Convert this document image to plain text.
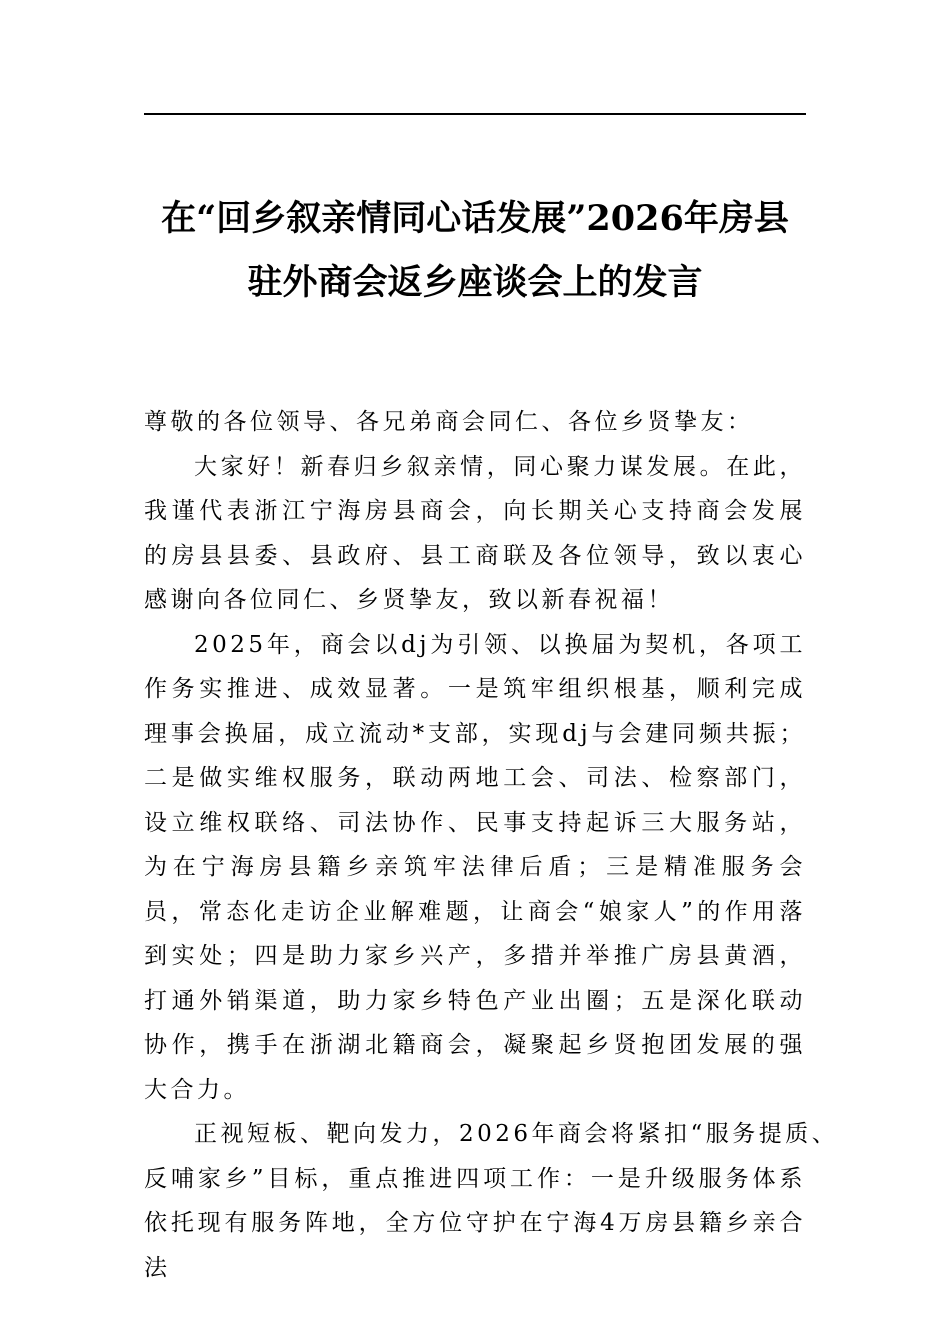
在“回乡叙亲情同心话发展”2026年房县
驻外商会返乡座谈会上的发言

尊敬的各位领导、各兄弟商会同仁、各位乡贤挚友：

大家好！新春归乡叙亲情，同心聚力谋发展。在此，我谨代表浙江宁海房县商会，向长期关心支持商会发展的房县县委、县政府、县工商联及各位领导，致以衷心感谢向各位同仁、乡贤挚友，致以新春祝福！

2025年，商会以dj为引领、以换届为契机，各项工作务实推进、成效显著。一是筑牢组织根基，顺利完成理事会换届，成立流动*支部，实现dj与会建同频共振；二是做实维权服务，联动两地工会、司法、检察部门，设立维权联络、司法协作、民事支持起诉三大服务站，为在宁海房县籍乡亲筑牢法律后盾；三是精准服务会员，常态化走访企业解难题，让商会“娘家人”的作用落到实处；四是助力家乡兴产，多措并举推广房县黄酒，打通外销渠道，助力家乡特色产业出圈；五是深化联动协作，携手在浙湖北籍商会，凝聚起乡贤抱团发展的强大合力。

正视短板、靶向发力，2026年商会将紧扣“服务提质、

反哺家乡”目标，重点推进四项工作：一是升级服务体系依托现有服务阵地，全方位守护在宁海4万房县籍乡亲合法
